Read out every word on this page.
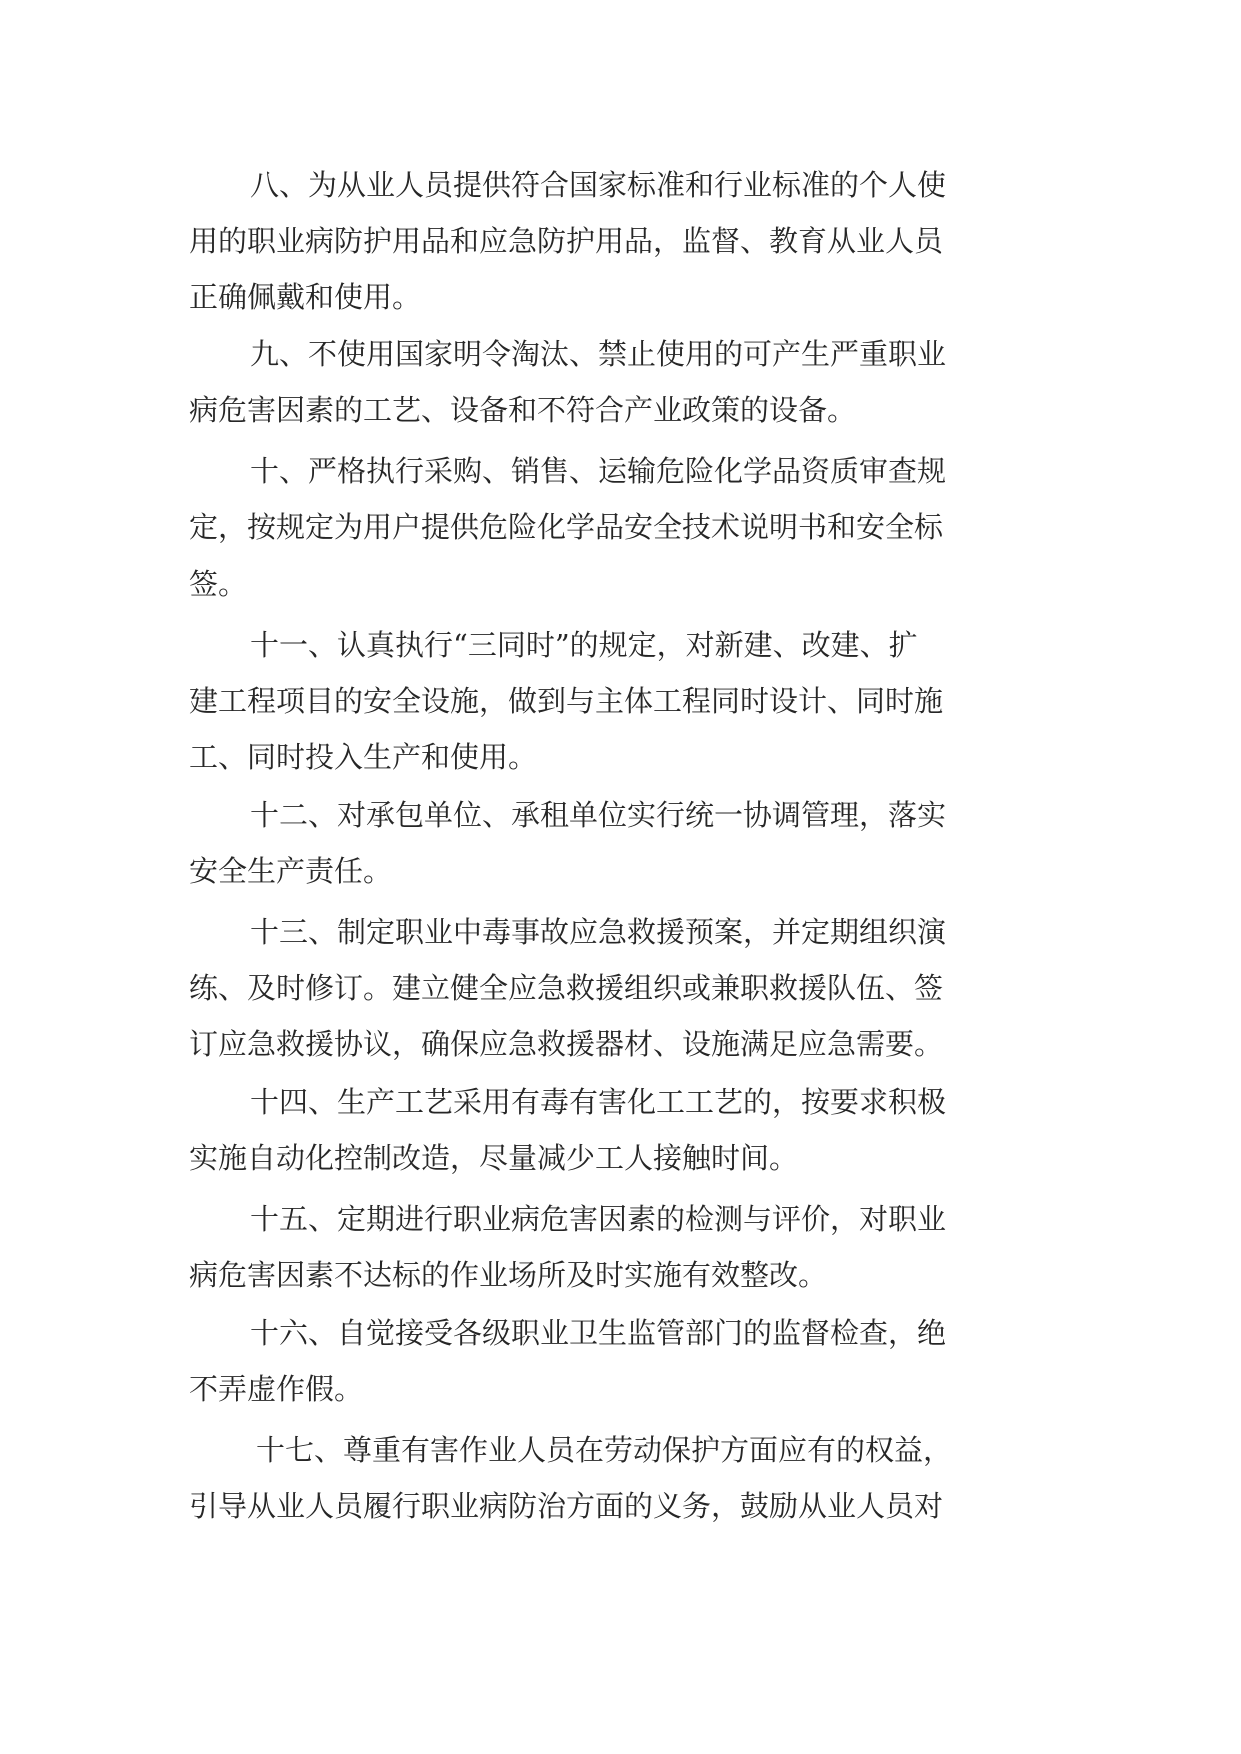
八、为从业人员提供符合国家标准和行业标准的个人使
用的职业病防护用品和应急防护用品，监督、教育从业人员
正确佩戴和使用。
九、不使用国家明令淘汰、禁止使用的可产生严重职业
病危害因素的工艺、设备和不符合产业政策的设备。
十、严格执行采购、销售、运输危险化学品资质审查规
定，按规定为用户提供危险化学品安全技术说明书和安全标
签。
十一、认真执行“三同时”的规定，对新建、改建、扩
建工程项目的安全设施，做到与主体工程同时设计、同时施
工、同时投入生产和使用。
十二、对承包单位、承租单位实行统一协调管理，落实
安全生产责任。
十三、制定职业中毒事故应急救援预案，并定期组织演
练、及时修订。建立健全应急救援组织或兼职救援队伍、签
订应急救援协议，确保应急救援器材、设施满足应急需要。
十四、生产工艺采用有毒有害化工工艺的，按要求积极
实施自动化控制改造，尽量减少工人接触时间。
十五、定期进行职业病危害因素的检测与评价，对职业
病危害因素不达标的作业场所及时实施有效整改。
十六、自觉接受各级职业卫生监管部门的监督检查，绝
不弄虚作假。
十七、尊重有害作业人员在劳动保护方面应有的权益，
引导从业人员履行职业病防治方面的义务，鼓励从业人员对
